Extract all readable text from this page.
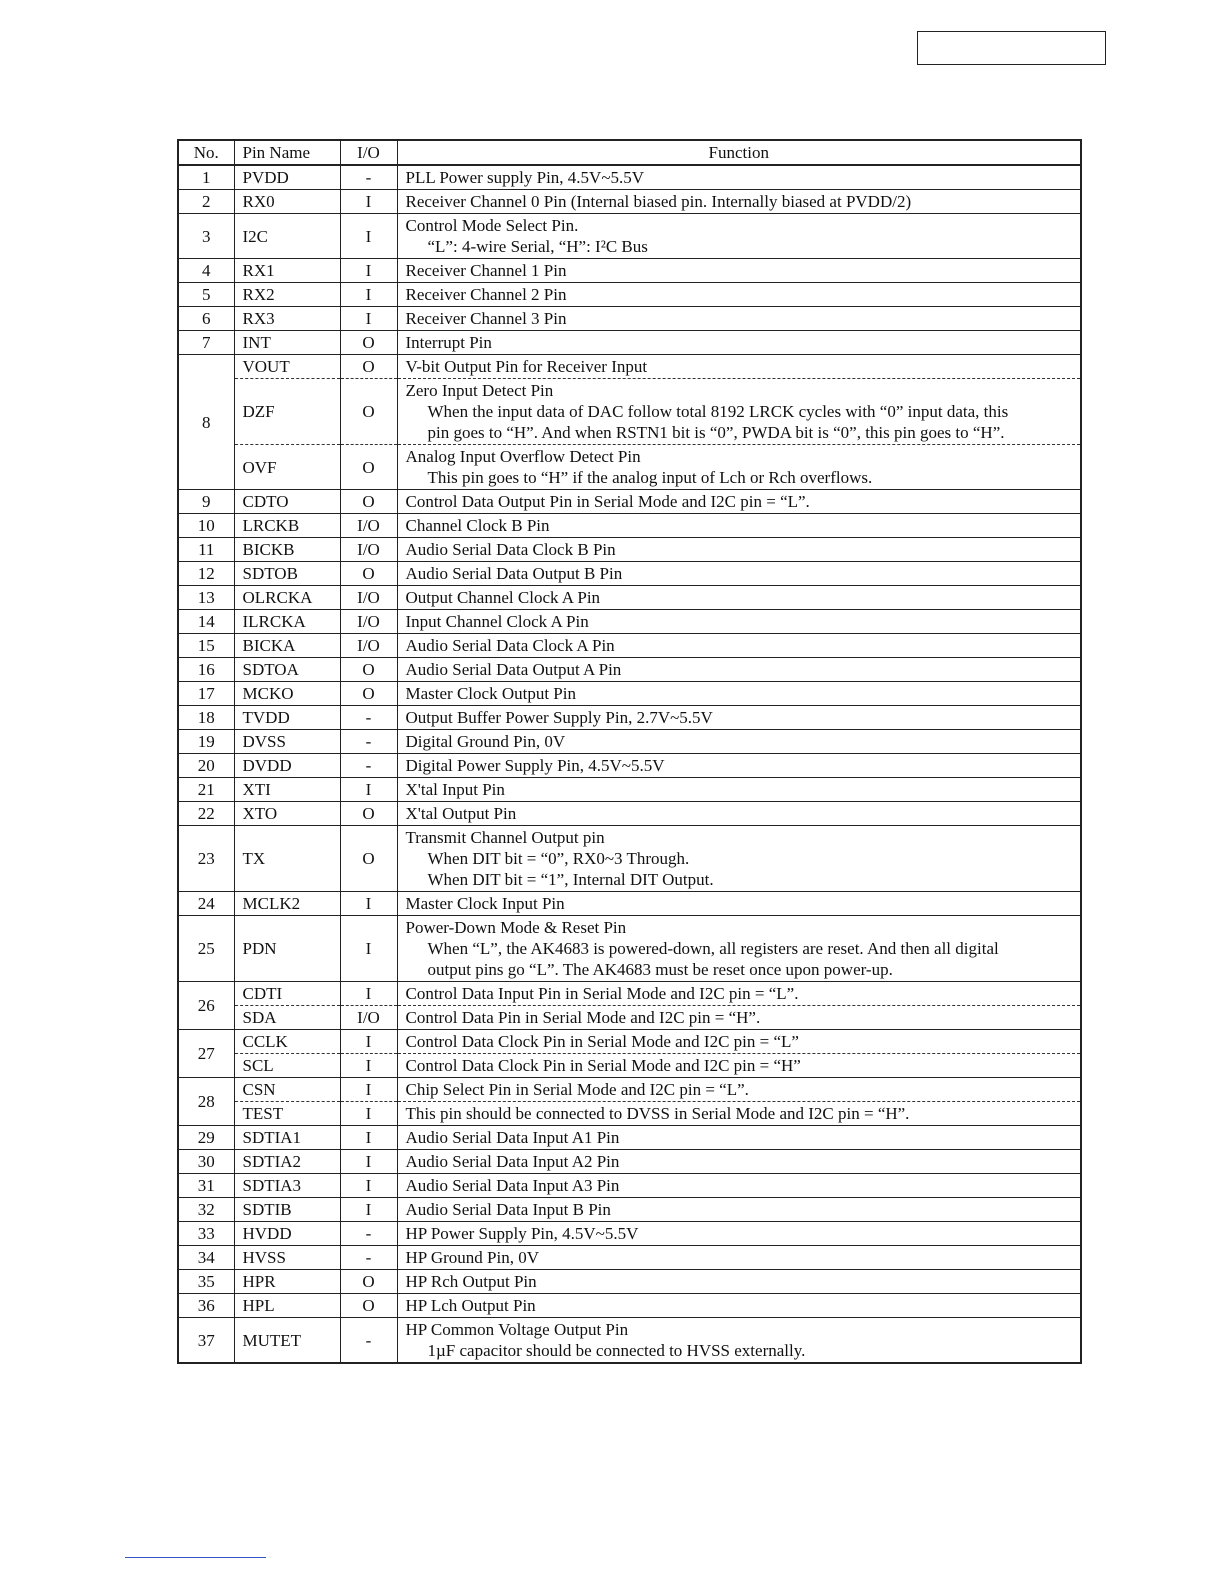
No.	Pin Name	I/O	Function
1	PVDD	-	PLL Power supply Pin, 4.5V~5.5V

2	RX0	I	Receiver Channel 0 Pin (Internal biased pin. Internally biased at PVDD/2)

3	I2C	I	Control Mode Select Pin.
“L”: 4-wire Serial, “H”: I²C Bus

4	RX1	I	Receiver Channel 1 Pin

5	RX2	I	Receiver Channel 2 Pin

6	RX3	I	Receiver Channel 3 Pin

7	INT	O	Interrupt Pin

8	VOUT	O	V-bit Output Pin for Receiver Input

	DZF	O	Zero Input Detect Pin
When the input data of DAC follow total 8192 LRCK cycles with “0” input data, this
pin goes to “H”. And when RSTN1 bit is “0”, PWDA bit is “0”, this pin goes to “H”.

	OVF	O	Analog Input Overflow Detect Pin
This pin goes to “H” if the analog input of Lch or Rch overflows.

9	CDTO	O	Control Data Output Pin in Serial Mode and I2C pin = “L”.

10	LRCKB	I/O	Channel Clock B Pin

11	BICKB	I/O	Audio Serial Data Clock B Pin

12	SDTOB	O	Audio Serial Data Output B Pin

13	OLRCKA	I/O	Output Channel Clock A Pin

14	ILRCKA	I/O	Input Channel Clock A Pin

15	BICKA	I/O	Audio Serial Data Clock A Pin

16	SDTOA	O	Audio Serial Data Output A Pin

17	MCKO	O	Master Clock Output Pin

18	TVDD	-	Output Buffer Power Supply Pin, 2.7V~5.5V

19	DVSS	-	Digital Ground Pin, 0V

20	DVDD	-	Digital Power Supply Pin, 4.5V~5.5V

21	XTI	I	X'tal Input Pin

22	XTO	O	X'tal Output Pin

23	TX	O	Transmit Channel Output pin
When DIT bit = “0”, RX0~3 Through.
When DIT bit = “1”, Internal DIT Output.

24	MCLK2	I	Master Clock Input Pin

25	PDN	I	Power-Down Mode & Reset Pin
When “L”, the AK4683 is powered-down, all registers are reset. And then all digital
output pins go “L”. The AK4683 must be reset once upon power-up.

26	CDTI	I	Control Data Input Pin in Serial Mode and I2C pin = “L”.

	SDA	I/O	Control Data Pin in Serial Mode and I2C pin = “H”.

27	CCLK	I	Control Data Clock Pin in Serial Mode and I2C pin = “L”

	SCL	I	Control Data Clock Pin in Serial Mode and I2C pin = “H”

28	CSN	I	Chip Select Pin in Serial Mode and I2C pin = “L”.

	TEST	I	This pin should be connected to DVSS in Serial Mode and I2C pin = “H”.

29	SDTIA1	I	Audio Serial Data Input A1 Pin

30	SDTIA2	I	Audio Serial Data Input A2 Pin

31	SDTIA3	I	Audio Serial Data Input A3 Pin

32	SDTIB	I	Audio Serial Data Input B Pin

33	HVDD	-	HP Power Supply Pin, 4.5V~5.5V

34	HVSS	-	HP Ground Pin, 0V

35	HPR	O	HP Rch Output Pin

36	HPL	O	HP Lch Output Pin

37	MUTET	-	HP Common Voltage Output Pin
1µF capacitor should be connected to HVSS externally.
